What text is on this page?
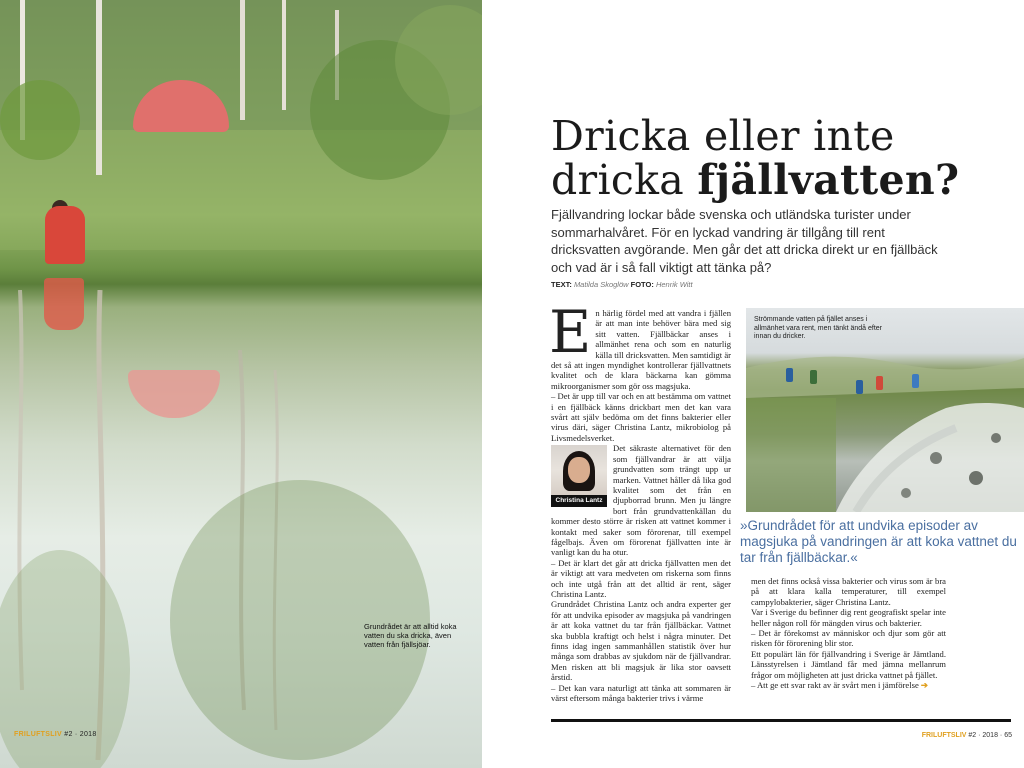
Grundrådet är att alltid koka vatten du ska dricka, även vatten från fjällsjöar.
FRILUFTSLIV #2 · 2018
Dricka eller inte
dricka fjällvatten?
Fjällvandring lockar både svenska och utländska turister under sommarhalvåret. För en lyckad vandring är tillgång till rent dricksvatten avgörande. Men går det att dricka direkt ur en fjällbäck och vad är i så fall viktigt att tänka på?
TEXT: Matilda Skoglöw FOTO: Henrik Witt
E n härlig fördel med att vandra i fjällen är att man inte behöver bära med sig sitt vatten. Fjällbäckar anses i allmänhet rena och som en naturlig källa till dricksvatten. Men samtidigt är det så att ingen myndighet kontrollerar fjällvattnets kvalitet och de klara bäckarna kan gömma mikroorganismer som gör oss magsjuka.

– Det är upp till var och en att bestämma om vattnet i en fjällbäck känns drickbart men det kan vara svårt att själv bedöma om det finns bakterier eller virus däri, säger Christina Lantz, mikrobiolog på Livsmedelsverket.

Christina Lantz

Det säkraste alternativet för den som fjällvandrar är att välja grundvatten som trängt upp ur marken. Vattnet håller då lika god kvalitet som det från en djupborrad brunn. Men ju längre bort från grundvattenkällan du kommer desto större är risken att vattnet kommer i kontakt med saker som förorenar, till exempel fågelbajs. Även om förorenat fjällvatten inte är vanligt kan du ha otur.

– Det är klart det går att dricka fjällvatten men det är viktigt att vara medveten om riskerna som finns och inte utgå från att det alltid är rent, säger Christina Lantz.

Grundrådet Christina Lantz och andra experter ger för att undvika episoder av magsjuka på vandringen är att koka vattnet du tar från fjällbäckar. Vattnet ska bubbla kraftigt och helst i några minuter. Det finns idag ingen sammanhållen statistik över hur många som drabbas av sjukdom när de fjällvandrar. Men risken att bli magsjuk är lika stor oavsett årstid.

– Det kan vara naturligt att tänka att sommaren är värst eftersom många bakterier trivs i värme

Strömmande vatten på fjället anses i allmänhet vara rent, men tänkt ändå efter innan du dricker.
»Grundrådet för att undvika episoder av magsjuka på vandringen är att koka vattnet du tar från fjällbäckar.«

men det finns också vissa bakterier och virus som är bra på att klara kalla temperaturer, till exempel campylobakterier, säger Christina Lantz.

Var i Sverige du befinner dig rent geografiskt spelar inte heller någon roll för mängden virus och bakterier.

– Det är förekomst av människor och djur som gör att risken för förorening blir stor.

Ett populärt län för fjällvandring i Sverige är Jämtland. Länsstyrelsen i Jämtland får med jämna mellanrum frågor om möjligheten att just dricka vattnet på fjället.

– Att ge ett svar rakt av är svårt men i jämförelse ➔

FRILUFTSLIV #2 · 2018 · 65
